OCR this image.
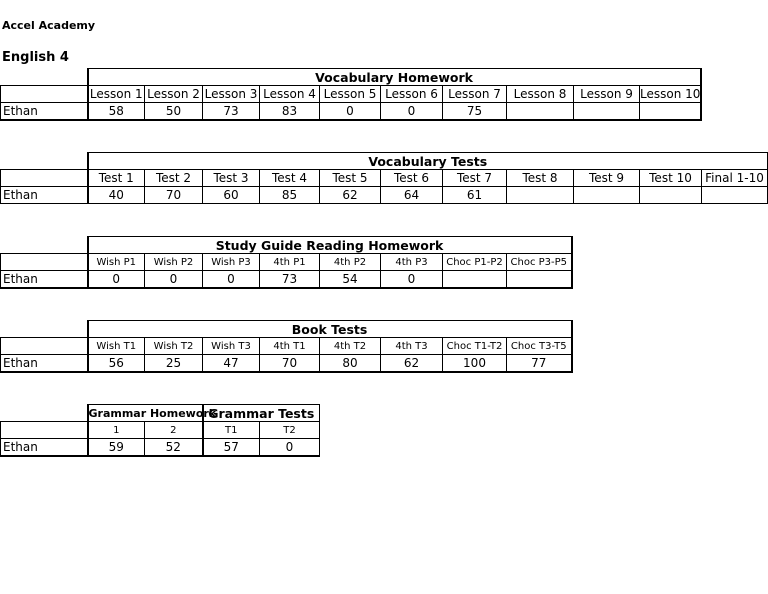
Accel Academy
English 4
	Vocabulary Homework									
	Lesson 1	Lesson 2	Lesson 3	Lesson 4	Lesson 5	Lesson 6	Lesson 7	Lesson 8	Lesson 9	Lesson 10
Ethan	58	50	73	83	0	0	75			
	Vocabulary Tests										
	Test 1	Test 2	Test 3	Test 4	Test 5	Test 6	Test 7	Test 8	Test 9	Test 10	Final 1-10
Ethan	40	70	60	85	62	64	61				
	Study Guide Reading Homework							
	Wish P1	Wish P2	Wish P3	4th P1	4th P2	4th P3	Choc P1-P2	Choc P3-P5
Ethan	0	0	0	73	54	0		
	Book Tests							
	Wish T1	Wish T2	Wish T3	4th T1	4th T2	4th T3	Choc T1-T2	Choc T3-T5
Ethan	56	25	47	70	80	62	100	77
	Grammar Homework		Grammar Tests	
	1	2	T1	T2
Ethan	59	52	57	0
